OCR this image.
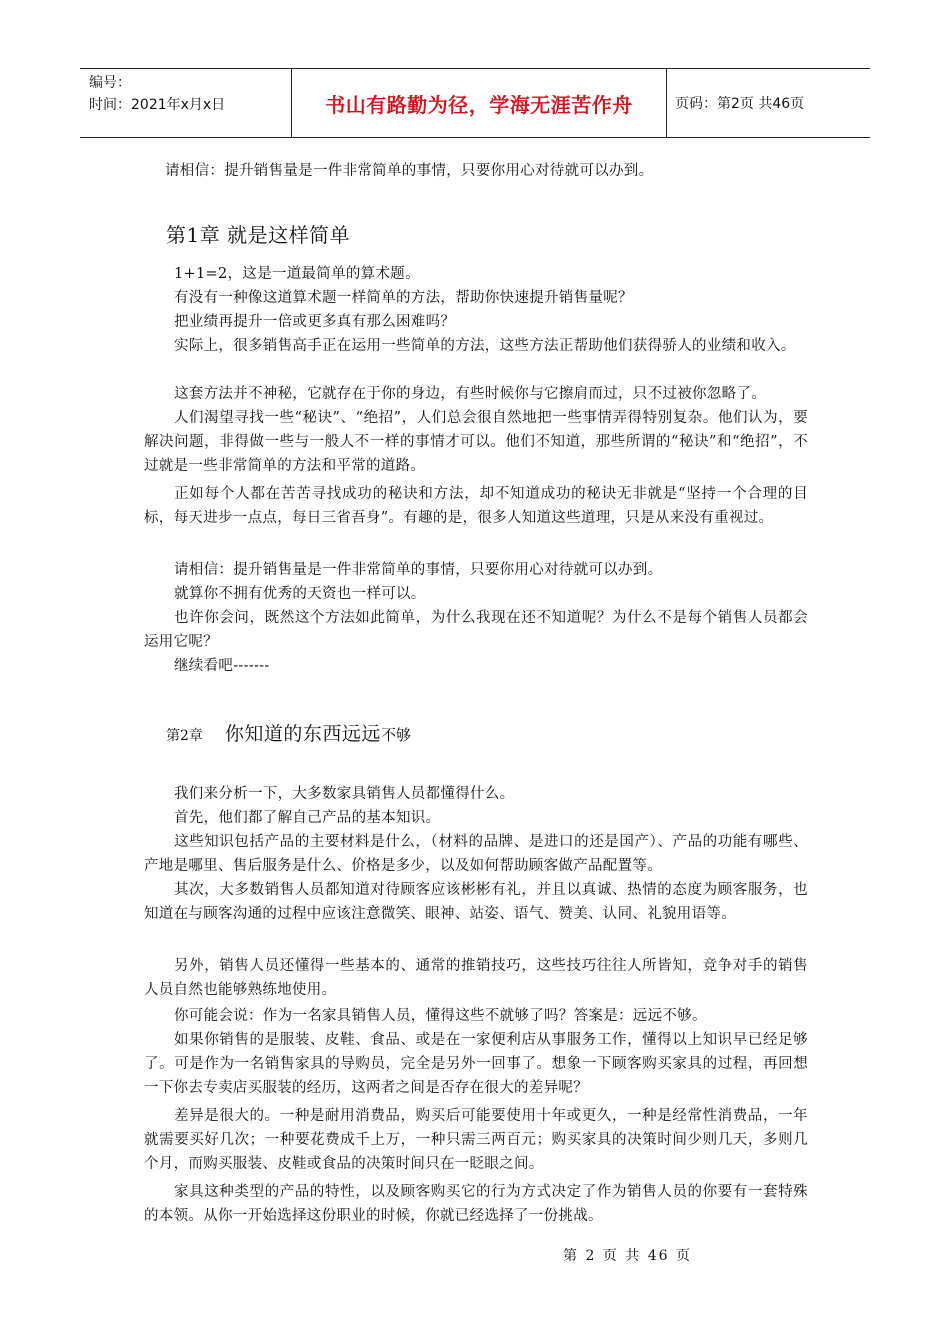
编号：
时间：2021年x月x日	书山有路勤为径，学海无涯苦作舟	页码：第2页 共46页

请相信：提升销售量是一件非常简单的事情，只要你用心对待就可以办到。

第1章 就是这样简单

1+1=2，这是一道最简单的算术题。

有没有一种像这道算术题一样简单的方法，帮助你快速提升销售量呢？

把业绩再提升一倍或更多真有那么困难吗？

实际上，很多销售高手正在运用一些简单的方法，这些方法正帮助他们获得骄人的业绩和收入。

这套方法并不神秘，它就存在于你的身边，有些时候你与它擦肩而过，只不过被你忽略了。

人们渴望寻找一些“秘诀”、“绝招”，人们总会很自然地把一些事情弄得特别复杂。他们认为，要解决问题，非得做一些与一般人不一样的事情才可以。他们不知道，那些所谓的“秘诀”和“绝招”，不过就是一些非常简单的方法和平常的道路。

正如每个人都在苦苦寻找成功的秘诀和方法，却不知道成功的秘诀无非就是“坚持一个合理的目标，每天进步一点点，每日三省吾身”。有趣的是，很多人知道这些道理，只是从来没有重视过。

请相信：提升销售量是一件非常简单的事情，只要你用心对待就可以办到。

就算你不拥有优秀的天资也一样可以。

也许你会问，既然这个方法如此简单，为什么我现在还不知道呢？为什么不是每个销售人员都会运用它呢？

继续看吧-------

第2章 你知道的东西远远不够

我们来分析一下，大多数家具销售人员都懂得什么。

首先，他们都了解自己产品的基本知识。

这些知识包括产品的主要材料是什么，（材料的品牌、是进口的还是国产）、产品的功能有哪些、产地是哪里、售后服务是什么、价格是多少，以及如何帮助顾客做产品配置等。

其次，大多数销售人员都知道对待顾客应该彬彬有礼，并且以真诚、热情的态度为顾客服务，也知道在与顾客沟通的过程中应该注意微笑、眼神、站姿、语气、赞美、认同、礼貌用语等。

另外，销售人员还懂得一些基本的、通常的推销技巧，这些技巧往往人所皆知，竞争对手的销售人员自然也能够熟练地使用。

你可能会说：作为一名家具销售人员，懂得这些不就够了吗？答案是：远远不够。

如果你销售的是服装、皮鞋、食品、或是在一家便利店从事服务工作，懂得以上知识早已经足够了。可是作为一名销售家具的导购员，完全是另外一回事了。想象一下顾客购买家具的过程，再回想一下你去专卖店买服装的经历，这两者之间是否存在很大的差异呢？

差异是很大的。一种是耐用消费品，购买后可能要使用十年或更久，一种是经常性消费品，一年就需要买好几次；一种要花费成千上万，一种只需三两百元；购买家具的决策时间少则几天，多则几个月，而购买服装、皮鞋或食品的决策时间只在一眨眼之间。

家具这种类型的产品的特性，以及顾客购买它的行为方式决定了作为销售人员的你要有一套特殊的本领。从你一开始选择这份职业的时候，你就已经选择了一份挑战。

第 2 页 共 46 页
